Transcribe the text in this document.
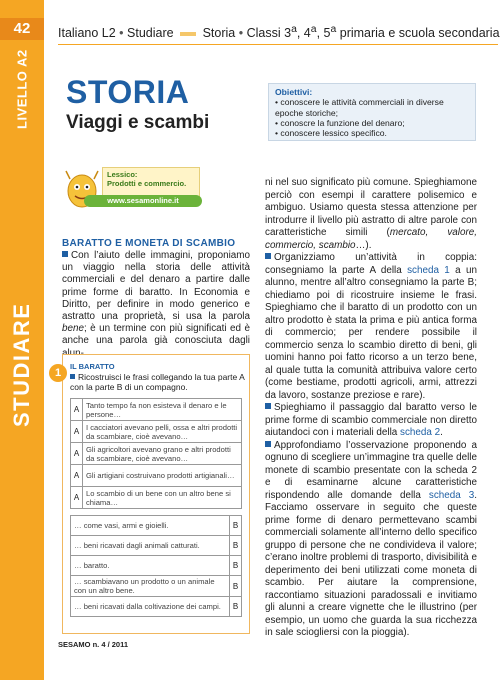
42
LIVELLO A2
STUDIARE
Italiano L2 • Studiare Storia • Classi 3$^a$, 4$^a$, 5$^a$ primaria e scuola secondaria
STORIA
Viaggi e scambi
Obiettivi:
• conoscere le attività commerciali in diverse epoche storiche;
• conoscre la funzione del denaro;
• conoscere lessico specifico.
Lessico:
Prodotti e commercio.
www.sesamonline.it
BARATTO E MONETA DI SCAMBIO
Con l’aiuto delle immagini, proponiamo un viaggio nella storia delle attività commerciali e del denaro a partire dalle prime forme di baratto. In Economia e Diritto, per definire in modo generico e astratto una proprietà, si usa la parola bene; è un termine con più significati ed è anche una parola già conosciuta dagli
1
IL BARATTO
Ricostruisci le frasi collegando la tua parte A con la parte B di un compagno.
A	Tanto tempo fa non esisteva il denaro e le persone…
A	I cacciatori avevano pelli, ossa e altri prodotti da scambiare, cioè avevano…
A	Gli agricoltori avevano grano e altri prodotti da scambiare, cioè avevano…
A	Gli artigiani costruivano prodotti artigianali…
A	Lo scambio di un bene con un altro bene si chiama…
… come vasi, armi e gioielli.	B
… beni ricavati dagli animali catturati.	B
… baratto.	B
… scambiavano un prodotto o un animale con un altro bene.	B
… beni ricavati dalla coltivazione dei campi.	B

ni nel suo significato più comune. Spieghiamone perciò con esempi il carattere polisemico e ambiguo. Usiamo questa stessa attenzione per introdurre il livello più astratto di altre parole con caratteristiche simili (mercato, valore, commercio, scambio…).

Organizziamo un’attività in coppia: consegniamo la parte A della scheda 1 a un alunno, mentre all’altro consegniamo la parte B; chiediamo poi di ricostruire insieme le frasi. Spieghiamo che il baratto di un prodotto con un altro prodotto è stata la prima e più antica forma di commercio; per rendere possibile il commercio senza lo scambio diretto di beni, gli uomini hanno poi fatto ricorso a un terzo bene, al quale tutta la comunità attribuiva valore certo (come bestiame, prodotti agricoli, armi, attrezzi da lavoro, sostanze preziose e rare).

Spieghiamo il passaggio dal baratto verso le prime forme di scambio commerciale non diretto aiutandoci con i materiali della scheda 2.

Approfondiamo l’osservazione proponendo a ognuno di scegliere un’immagine tra quelle delle monete di scambio presentate con la scheda 2 e di esaminarne alcune caratteristiche rispondendo alle domande della scheda 3. Facciamo osservare in seguito che queste prime forme di denaro permettevano scambi commerciali solamente all’interno dello specifico gruppo di persone che ne condivideva il valore; c’erano inoltre problemi di trasporto, divisibilità e deperimento dei beni utilizzati come moneta di scambio. Per aiutare la comprensione, raccontiamo situazioni paradossali e invitiamo gli alunni a creare vignette che le illustrino (per esempio, un uomo che guarda la sua ricchezza in sale sciogliersi con la pioggia).

SESAMO n. 4 / 2011
